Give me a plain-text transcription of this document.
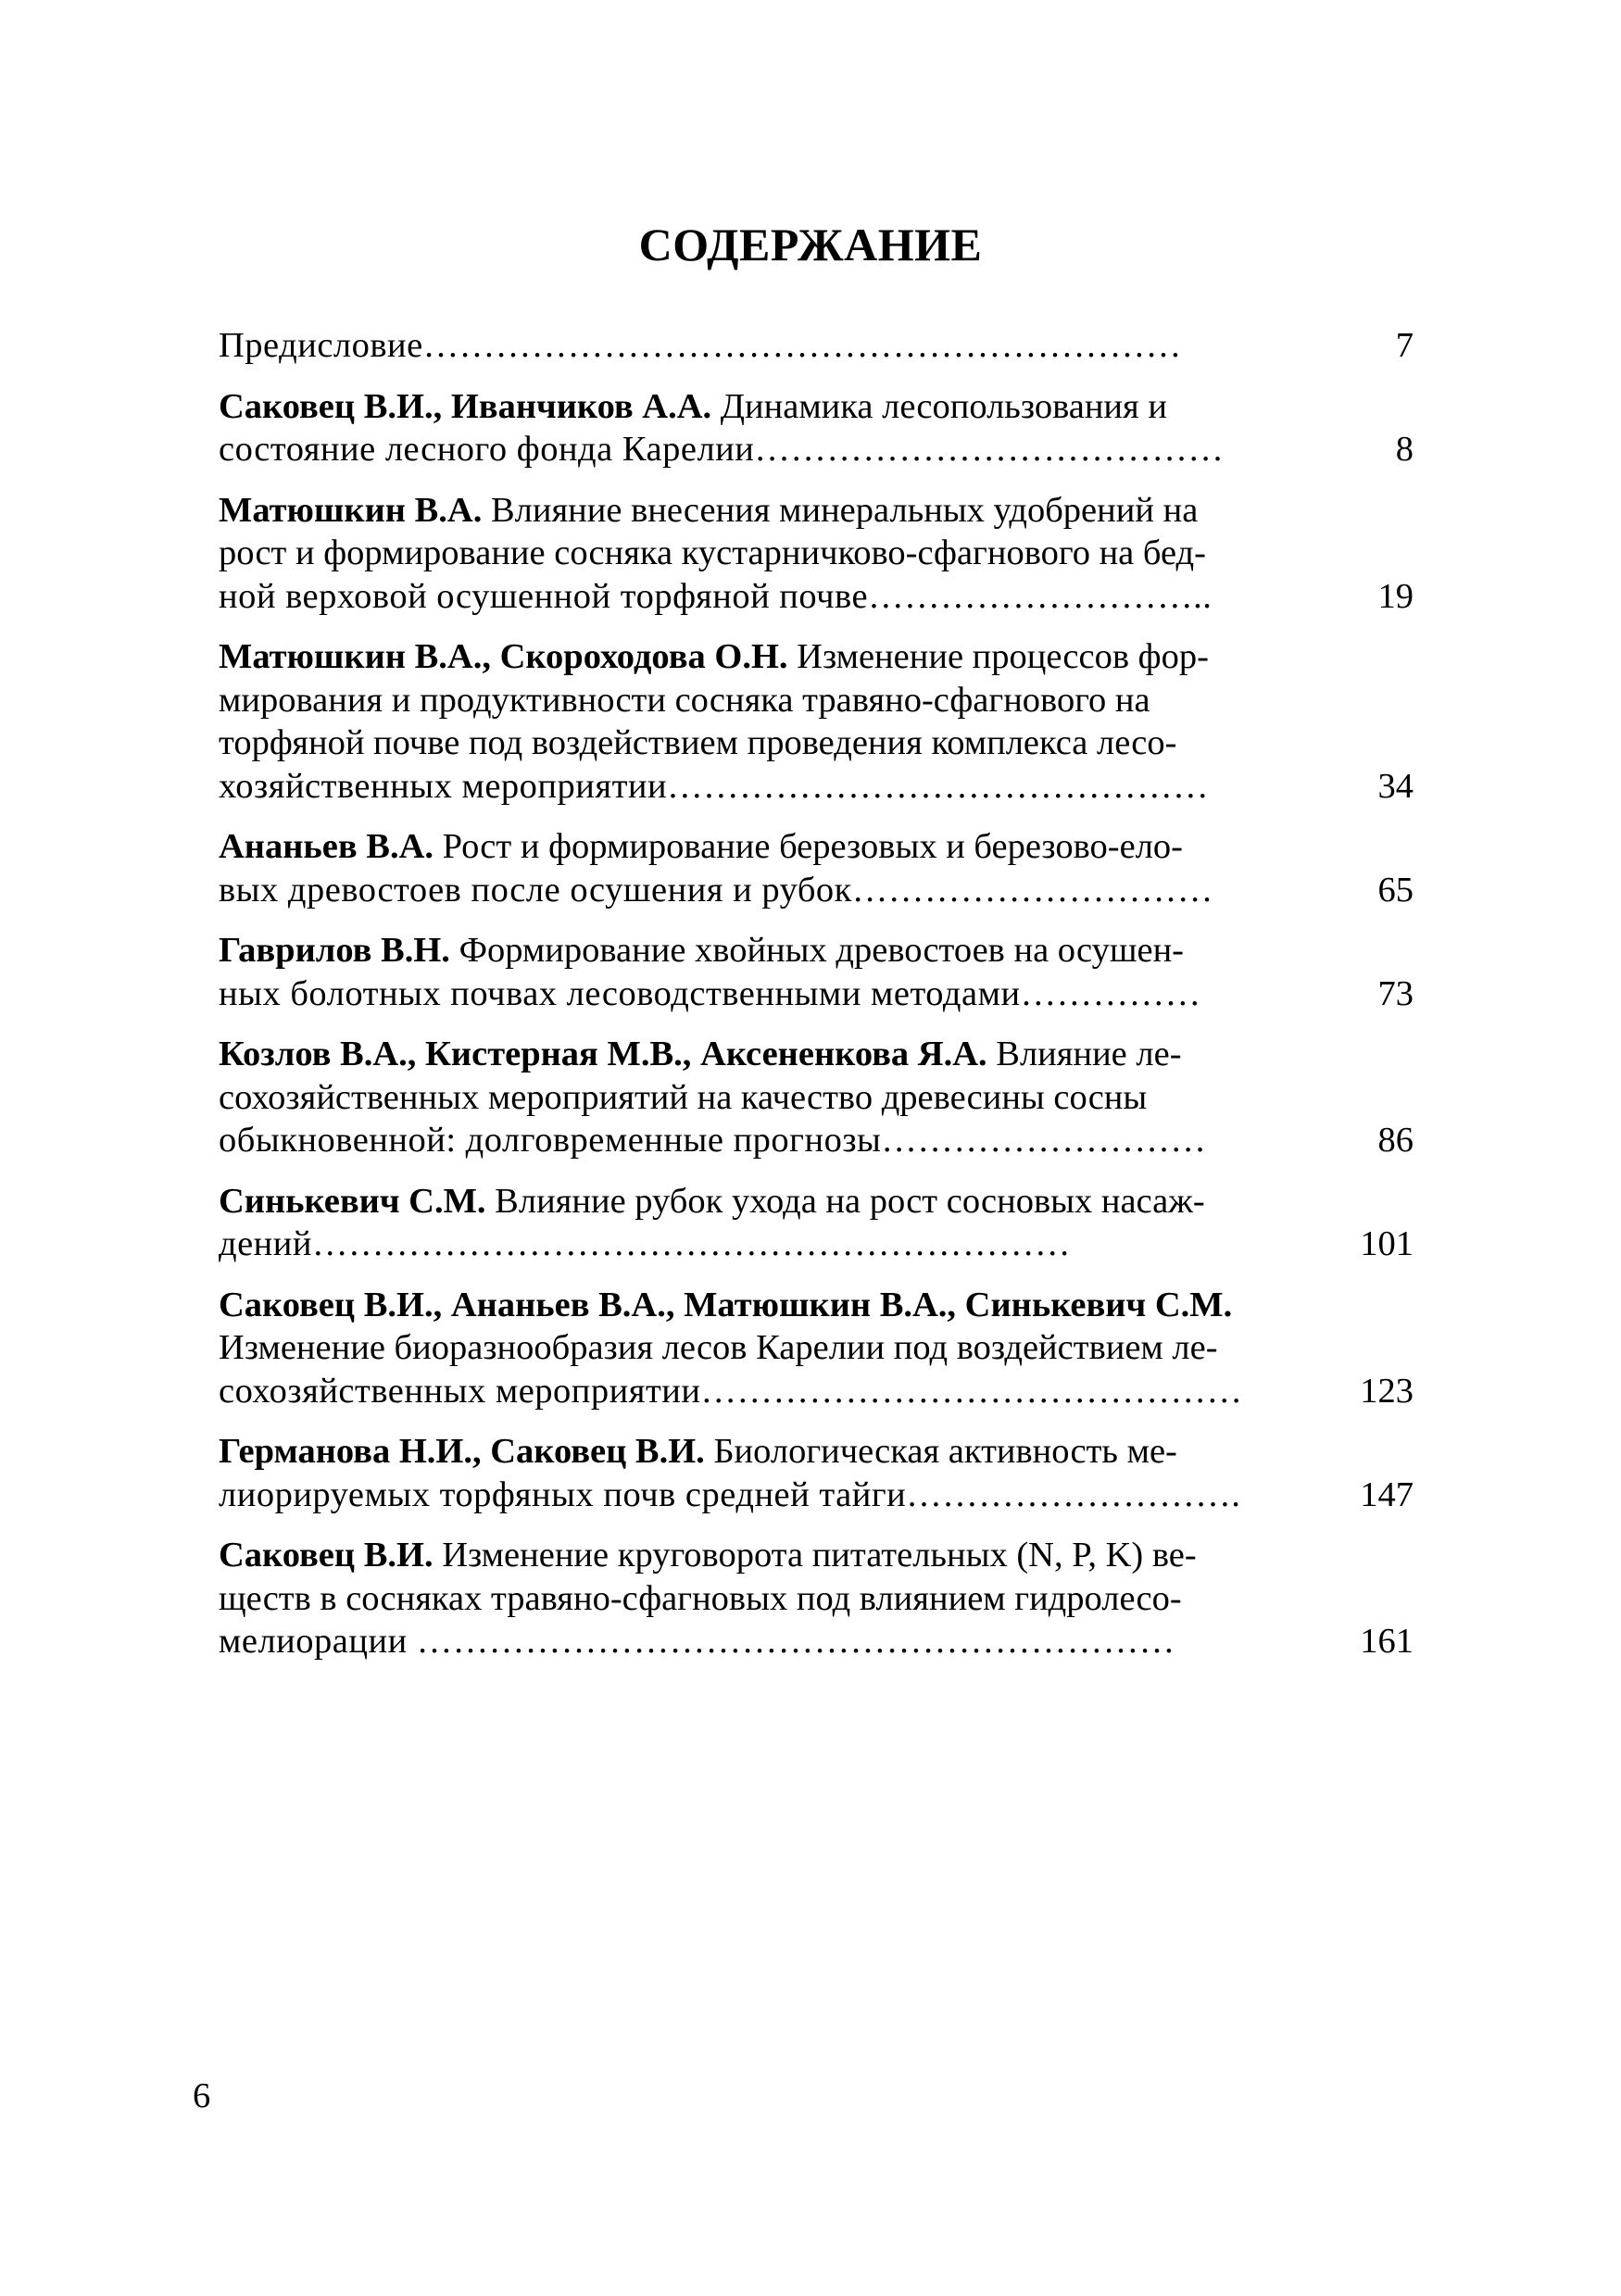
СОДЕРЖАНИЕ

Предисловие………………………………………………………	7

Саковец В.И., Иванчиков А.А. Динамика лесопользования и
состояние лесного фонда Карелии…………………………………	8

Матюшкин В.А. Влияние внесения минеральных удобрений на
рост и формирование сосняка кустарничково-сфагнового на бед-
ной верховой осушенной торфяной почве………………………..	19

Матюшкин В.А., Скороходова О.Н. Изменение процессов фор-
мирования и продуктивности сосняка травяно-сфагнового на
торфяной почве под воздействием проведения комплекса лесо-
хозяйственных мероприятии………………………………………	34

Ананьев В.А. Рост и формирование березовых и березово-ело-
вых древостоев после осушения и рубок…………………………	65

Гаврилов В.Н. Формирование хвойных древостоев на осушен-
ных болотных почвах лесоводственными методами……………	73

Козлов В.А., Кистерная М.В., Аксененкова Я.А. Влияние ле-
сохозяйственных мероприятий на качество древесины сосны
обыкновенной: долговременные прогнозы………………………	86

Синькевич С.М. Влияние рубок ухода на рост сосновых насаж-
дений………………………………………………………	101

Саковец В.И., Ананьев В.А., Матюшкин В.А., Синькевич С.М.
Изменение биоразнообразия лесов Карелии под воздействием ле-
сохозяйственных мероприятии………………………………………	123

Германова Н.И., Саковец В.И. Биологическая активность ме-
лиорируемых торфяных почв средней тайги……………………….	147

Саковец В.И. Изменение круговорота питательных (N, P, K) ве-
ществ в сосняках травяно-сфагновых под влиянием гидролесо-
мелиорации ………………………………………………………	161
6
